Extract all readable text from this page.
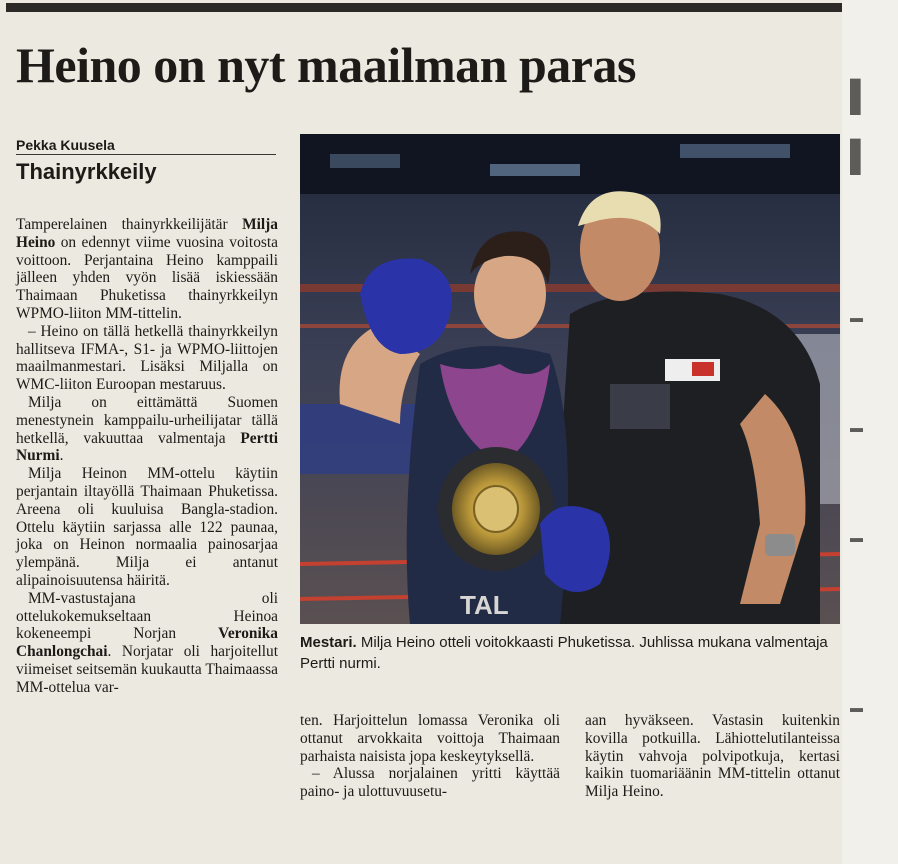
Heino on nyt maailman paras
Pekka Kuusela
Thainyrkkeily

Tamperelainen thainyrkkeilijätär Milja Heino on edennyt viime vuosina voitosta voittoon. Perjantaina Heino kamppaili jälleen yhden vyön lisää iskiessään Thaimaan Phuketissa thainyrkkeilyn WPMO-liiton MM-tittelin.

– Heino on tällä hetkellä thainyrkkeilyn hallitseva IFMA-, S1- ja WPMO-liittojen maailmanmestari. Lisäksi Miljalla on WMC-liiton Euroopan mestaruus.

Milja on eittämättä Suomen menestynein kamppailu-urheilijatar tällä hetkellä, vakuuttaa valmentaja Pertti Nurmi.

Milja Heinon MM-ottelu käytiin perjantain iltayöllä Thaimaan Phuketissa. Areena oli kuuluisa Bangla-stadion. Ottelu käytiin sarjassa alle 122 paunaa, joka on Heinon normaalia painosarjaa ylempänä. Milja ei antanut alipainoisuutensa häiritä.

MM-vastustajana oli ottelukokemukseltaan Heinoa kokeneempi Norjan Veronika Chanlongchai. Norjatar oli harjoitellut viimeiset seitsemän kuukautta Thaimaassa MM-ottelua var-

TAL
Mestari. Milja Heino otteli voitokkaasti Phuketissa. Juhlissa mukana valmentaja Pertti nurmi.

ten. Harjoittelun lomassa Veronika oli ottanut arvokkaita voittoja Thaimaan parhaista naisista jopa keskeytyksellä.

– Alussa norjalainen yritti käyttää paino- ja ulottuvuusetu-

aan hyväkseen. Vastasin kuitenkin kovilla potkuilla. Lähiottelutilanteissa käytin vahvoja polvipotkuja, kertasi kaikin tuomariäänin MM-tittelin ottanut Milja Heino.

▌
▌
▬
▬
▬
▬
